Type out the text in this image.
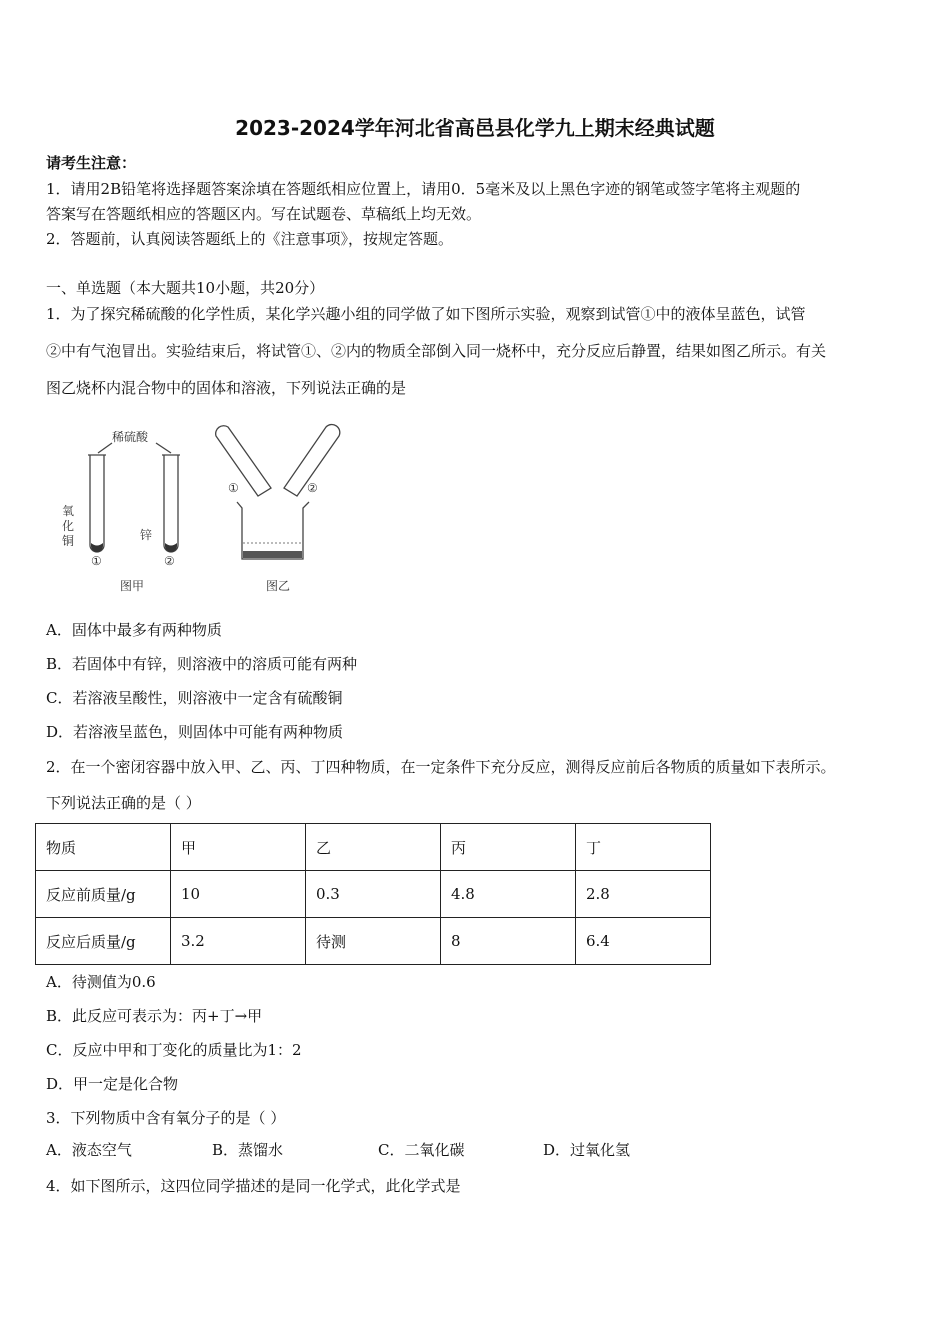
2023-2024学年河北省高邑县化学九上期末经典试题
请考生注意：
1．请用2B铅笔将选择题答案涂填在答题纸相应位置上，请用0．5毫米及以上黑色字迹的钢笔或签字笔将主观题的
答案写在答题纸相应的答题区内。写在试题卷、草稿纸上均无效。
2．答题前，认真阅读答题纸上的《注意事项》，按规定答题。
一、单选题（本大题共10小题，共20分）
1．为了探究稀硫酸的化学性质，某化学兴趣小组的同学做了如下图所示实验，观察到试管①中的液体呈蓝色，试管
②中有气泡冒出。实验结束后，将试管①、②内的物质全部倒入同一烧杯中，充分反应后静置，结果如图乙所示。有关
图乙烧杯内混合物中的固体和溶液，下列说法正确的是
稀硫酸
氧
化
铜	锌
①	②
①	②
图甲	图乙
A．固体中最多有两种物质
B．若固体中有锌，则溶液中的溶质可能有两种
C．若溶液呈酸性，则溶液中一定含有硫酸铜
D．若溶液呈蓝色，则固体中可能有两种物质
2．在一个密闭容器中放入甲、乙、丙、丁四种物质，在一定条件下充分反应，测得反应前后各物质的质量如下表所示。
下列说法正确的是（ ）
物质	甲	乙	丙	丁
反应前质量/g	10	0.3	4.8	2.8
反应后质量/g	3.2	待测	8	6.4
A．待测值为0.6
B．此反应可表示为：丙+丁→甲
C．反应中甲和丁变化的质量比为1：2
D．甲一定是化合物
3．下列物质中含有氧分子的是（ ）
A．液态空气	B．蒸馏水	C．二氧化碳	D．过氧化氢
4．如下图所示，这四位同学描述的是同一化学式，此化学式是
